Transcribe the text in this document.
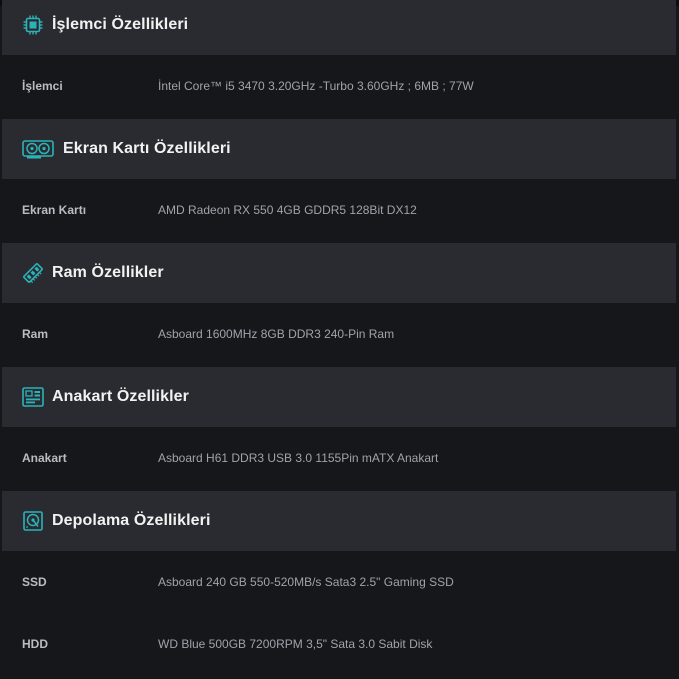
İşlemci Özellikleri
İşlemci	İntel Core™ i5 3470 3.20GHz -Turbo 3.60GHz ; 6MB ; 77W
Ekran Kartı Özellikleri
Ekran Kartı	AMD Radeon RX 550 4GB GDDR5 128Bit DX12
Ram Özellikler
Ram	Asboard 1600MHz 8GB DDR3 240-Pin Ram
Anakart Özellikler
Anakart	Asboard H61 DDR3 USB 3.0 1155Pin mATX Anakart
Depolama Özellikleri
SSD	Asboard 240 GB 550-520MB/s Sata3 2.5" Gaming SSD
HDD	WD Blue 500GB 7200RPM 3,5" Sata 3.0 Sabit Disk
